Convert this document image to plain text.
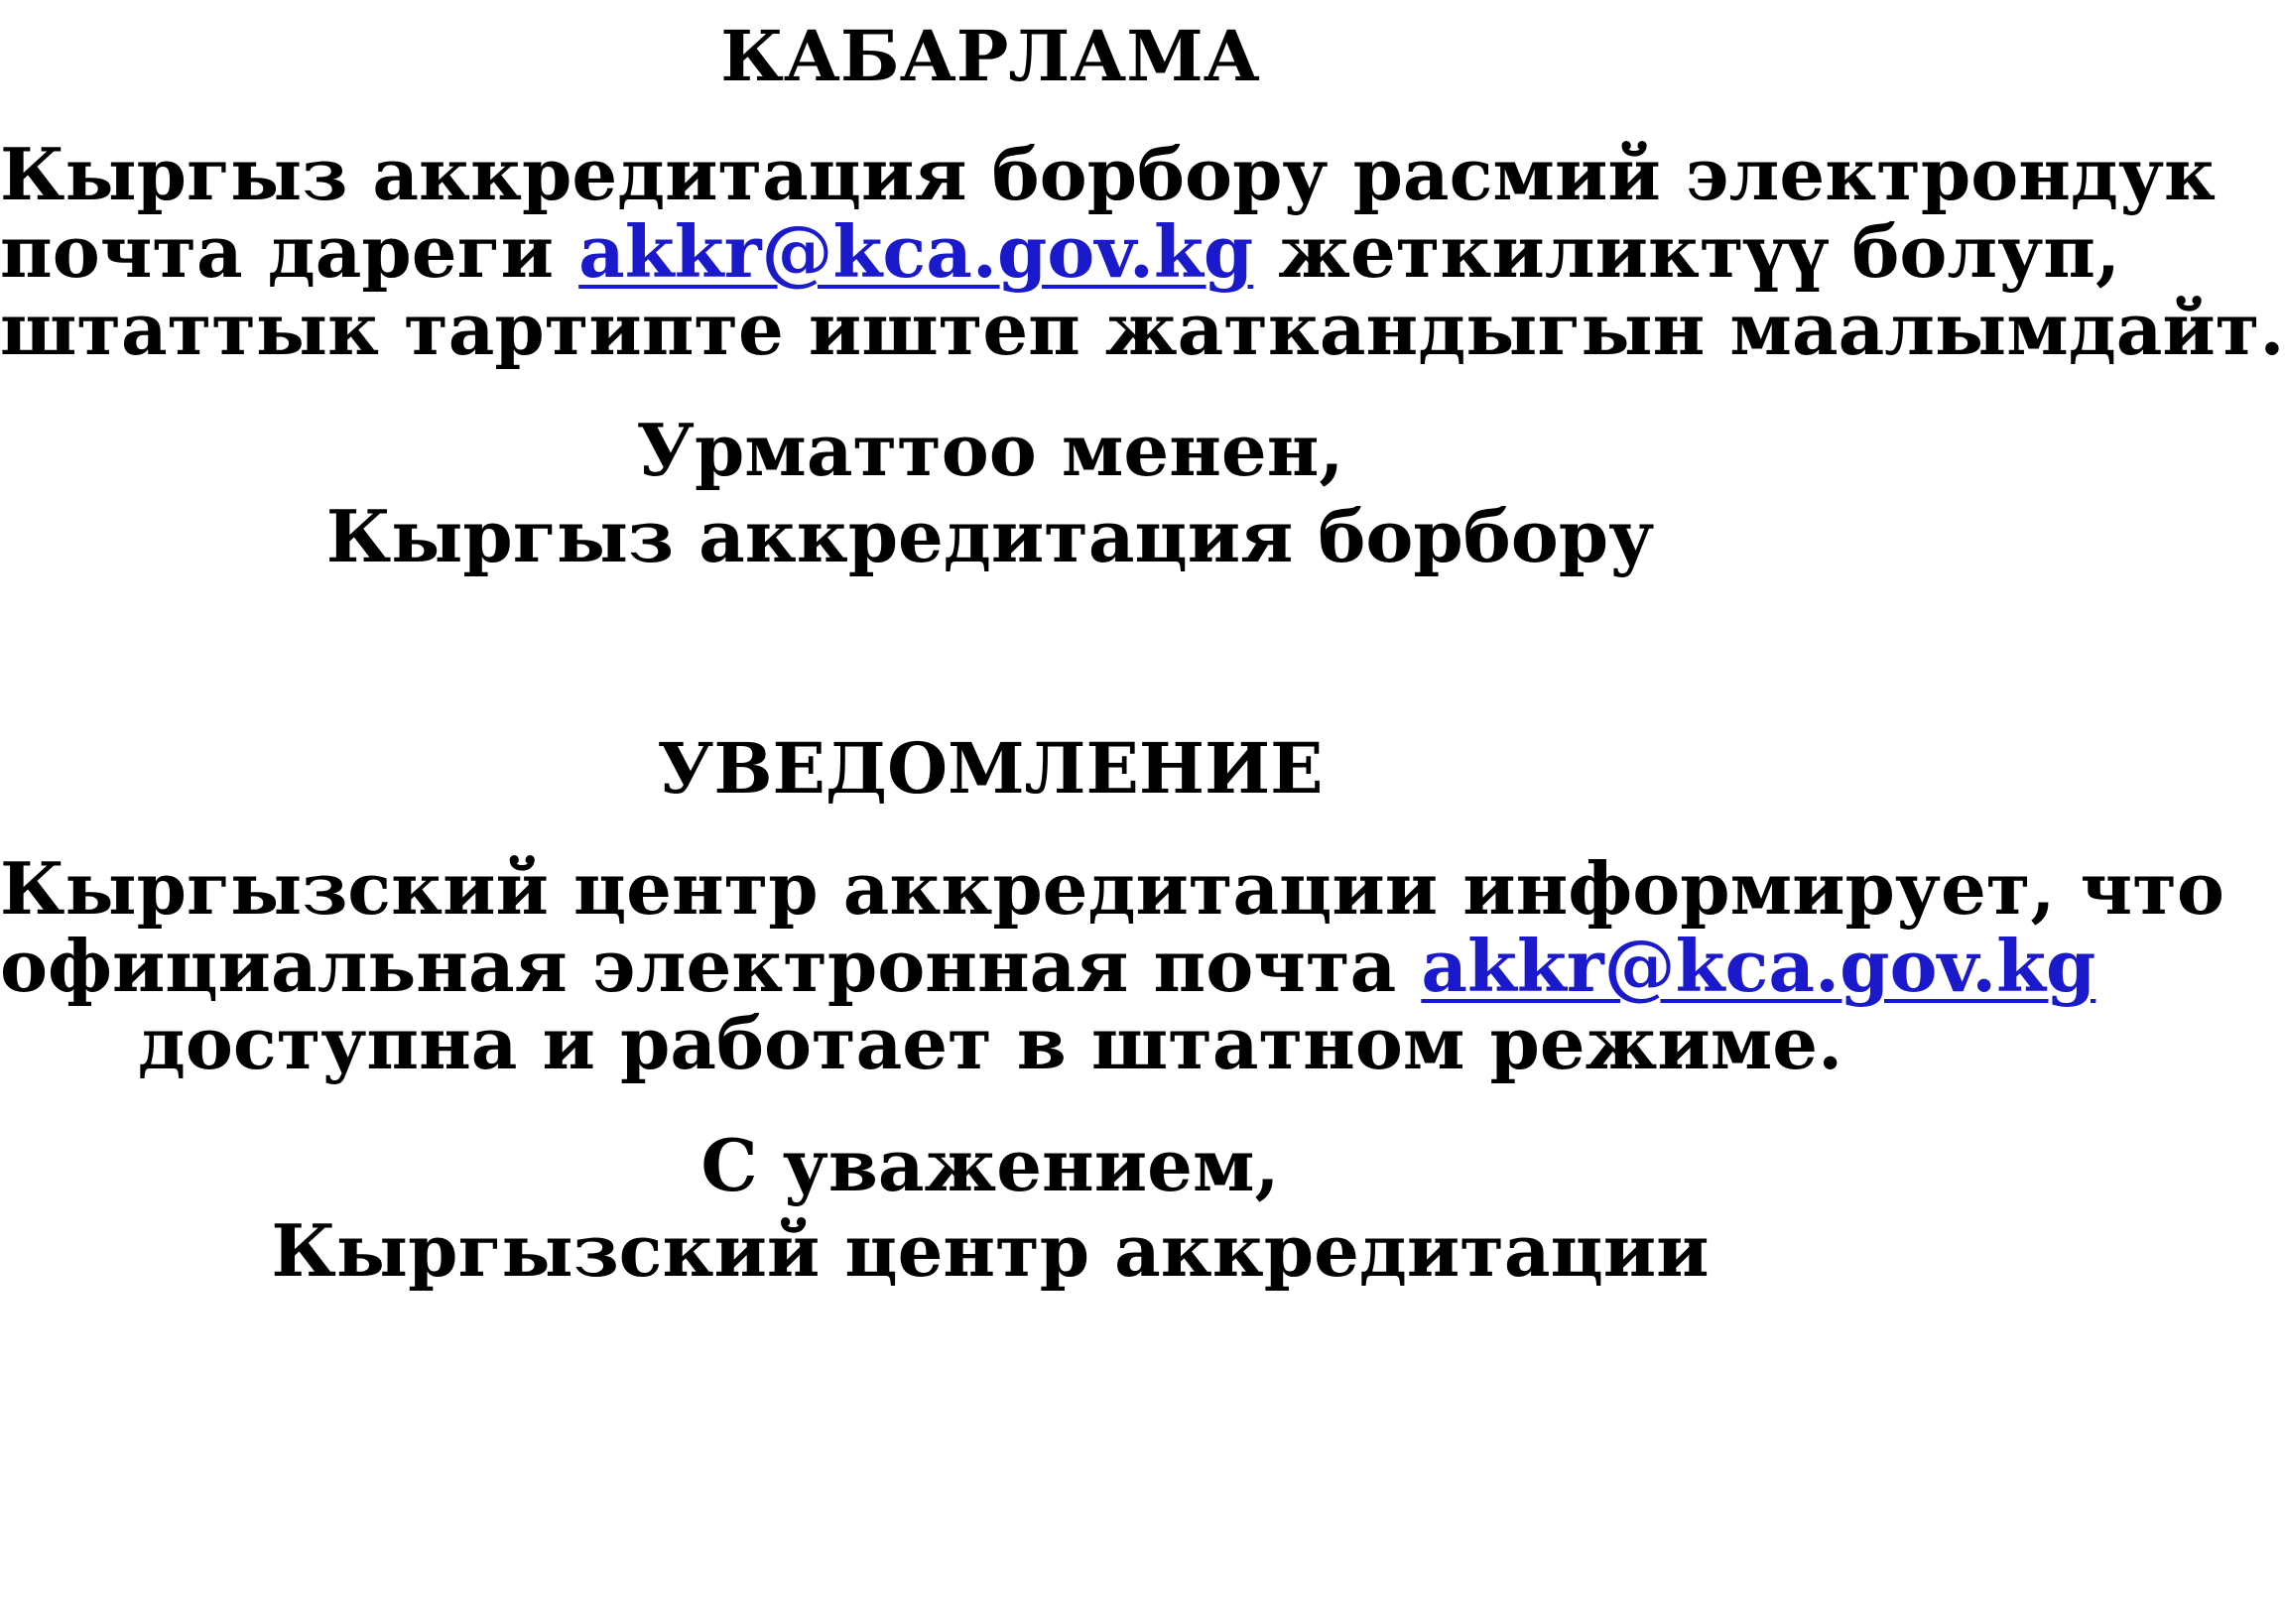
КАБАРЛАМА
Кыргыз аккредитация борбору расмий электрондук
почта дареги akkr@kca.gov.kg жеткиликтүү болуп,
штаттык тартипте иштеп жаткандыгын маалымдайт.
Урматтоо менен,
Кыргыз аккредитация борбору
УВЕДОМЛЕНИЕ
Кыргызский центр аккредитации информирует, что
официальная электронная почта akkr@kca.gov.kg
доступна и работает в штатном режиме.
С уважением,
Кыргызский центр аккредитации
